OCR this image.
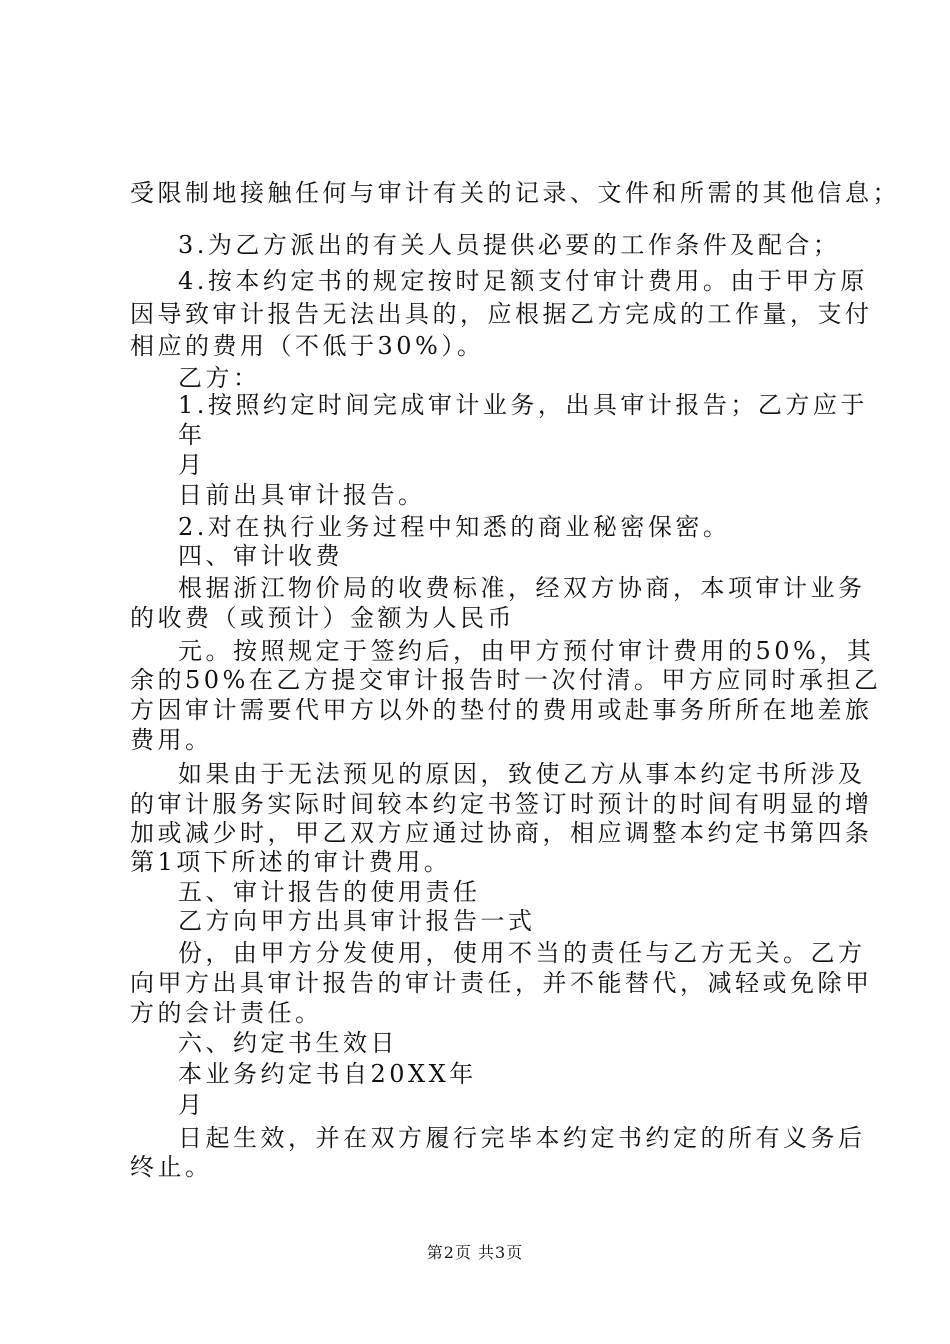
受限制地接触任何与审计有关的记录、文件和所需的其他信息；
3.为乙方派出的有关人员提供必要的工作条件及配合；
4.按本约定书的规定按时足额支付审计费用。由于甲方原
因导致审计报告无法出具的，应根据乙方完成的工作量，支付
相应的费用（不低于30%）。
乙方：
1.按照约定时间完成审计业务，出具审计报告；乙方应于
年
月
日前出具审计报告。
2.对在执行业务过程中知悉的商业秘密保密。
四、审计收费
根据浙江物价局的收费标准，经双方协商，本项审计业务
的收费（或预计）金额为人民币
元。按照规定于签约后，由甲方预付审计费用的50%，其
余的50%在乙方提交审计报告时一次付清。甲方应同时承担乙
方因审计需要代甲方以外的垫付的费用或赴事务所所在地差旅
费用。
如果由于无法预见的原因，致使乙方从事本约定书所涉及
的审计服务实际时间较本约定书签订时预计的时间有明显的增
加或减少时，甲乙双方应通过协商，相应调整本约定书第四条
第1项下所述的审计费用。
五、审计报告的使用责任
乙方向甲方出具审计报告一式
份，由甲方分发使用，使用不当的责任与乙方无关。乙方
向甲方出具审计报告的审计责任，并不能替代，减轻或免除甲
方的会计责任。
六、约定书生效日
本业务约定书自20XX年
月
日起生效，并在双方履行完毕本约定书约定的所有义务后
终止。
第2页 共3页
